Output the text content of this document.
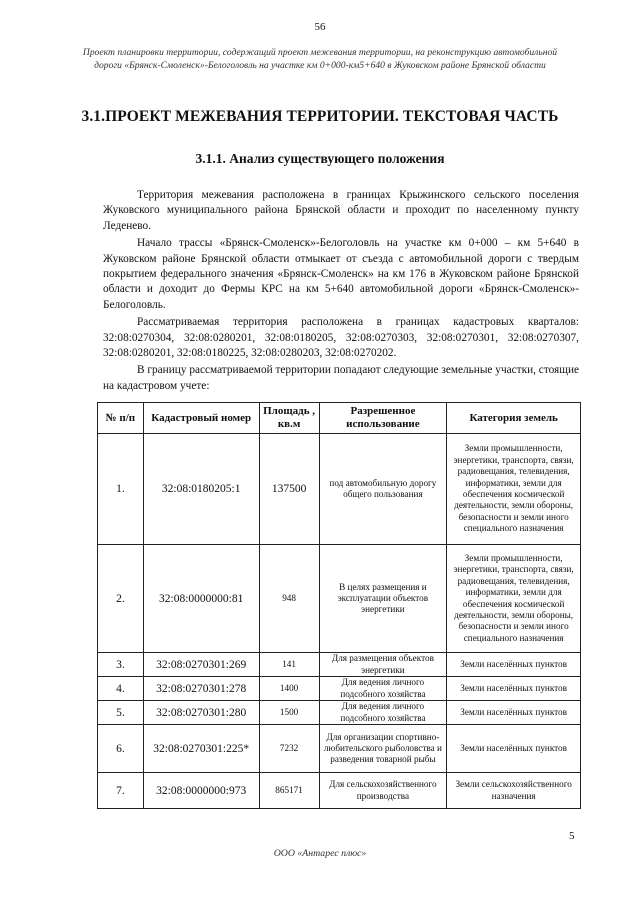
56
Проект планировки территории, содержащий проект межевания территории, на реконструкцию автомобильной дороги «Брянск-Смоленск»-Белоголовль на участке км 0+000-км5+640 в Жуковском районе Брянской области
3.1.ПРОЕКТ МЕЖЕВАНИЯ ТЕРРИТОРИИ. ТЕКСТОВАЯ ЧАСТЬ
3.1.1. Анализ существующего положения

Территория межевания расположена в границах Крыжинского сельского поселения Жуковского муниципального района Брянской области и проходит по населенному пункту Леденево.

Начало трассы «Брянск-Смоленск»-Белоголовль на участке км 0+000 – км 5+640 в Жуковском районе Брянской области отмыкает от съезда с автомобильной дороги с твердым покрытием федерального значения «Брянск-Смоленск» на км 176 в Жуковском районе Брянской области и доходит до Фермы КРС на км 5+640 автомобильной дороги «Брянск-Смоленск»-Белоголовль.

Рассматриваемая территория расположена в границах кадастровых кварталов: 32:08:0270304, 32:08:0280201, 32:08:0180205, 32:08:0270303, 32:08:0270301, 32:08:0270307, 32:08:0280201, 32:08:0180225, 32:08:0280203, 32:08:0270202.

В границу рассматриваемой территории попадают следующие земельные участки, стоящие на кадастровом учете:

№ п/п	Кадастровый номер	Площадь , кв.м	Разрешенное использование	Категория земель
1.	32:08:0180205:1	137500	под автомобильную дорогу общего пользования	Земли промышленности, энергетики, транспорта, связи, радиовещания, телевидения, информатики, земли для обеспечения космической деятельности, земли обороны, безопасности и земли иного специального назначения
2.	32:08:0000000:81	948	В целях размещения и эксплуатации объектов энергетики	Земли промышленности, энергетики, транспорта, связи, радиовещания, телевидения, информатики, земли для обеспечения космической деятельности, земли обороны, безопасности и земли иного специального назначения
3.	32:08:0270301:269	141	Для размещения объектов энергетики	Земли населённых пунктов
4.	32:08:0270301:278	1400	Для ведения личного подсобного хозяйства	Земли населённых пунктов
5.	32:08:0270301:280	1500	Для ведения личного подсобного хозяйства	Земли населённых пунктов
6.	32:08:0270301:225*	7232	Для организации спортивно-любительского рыболовства и разведения товарной рыбы	Земли населённых пунктов
7.	32:08:0000000:973	865171	Для сельскохозяйственного производства	Земли сельскохозяйственного назначения
5
ООО «Антарес плюс»
